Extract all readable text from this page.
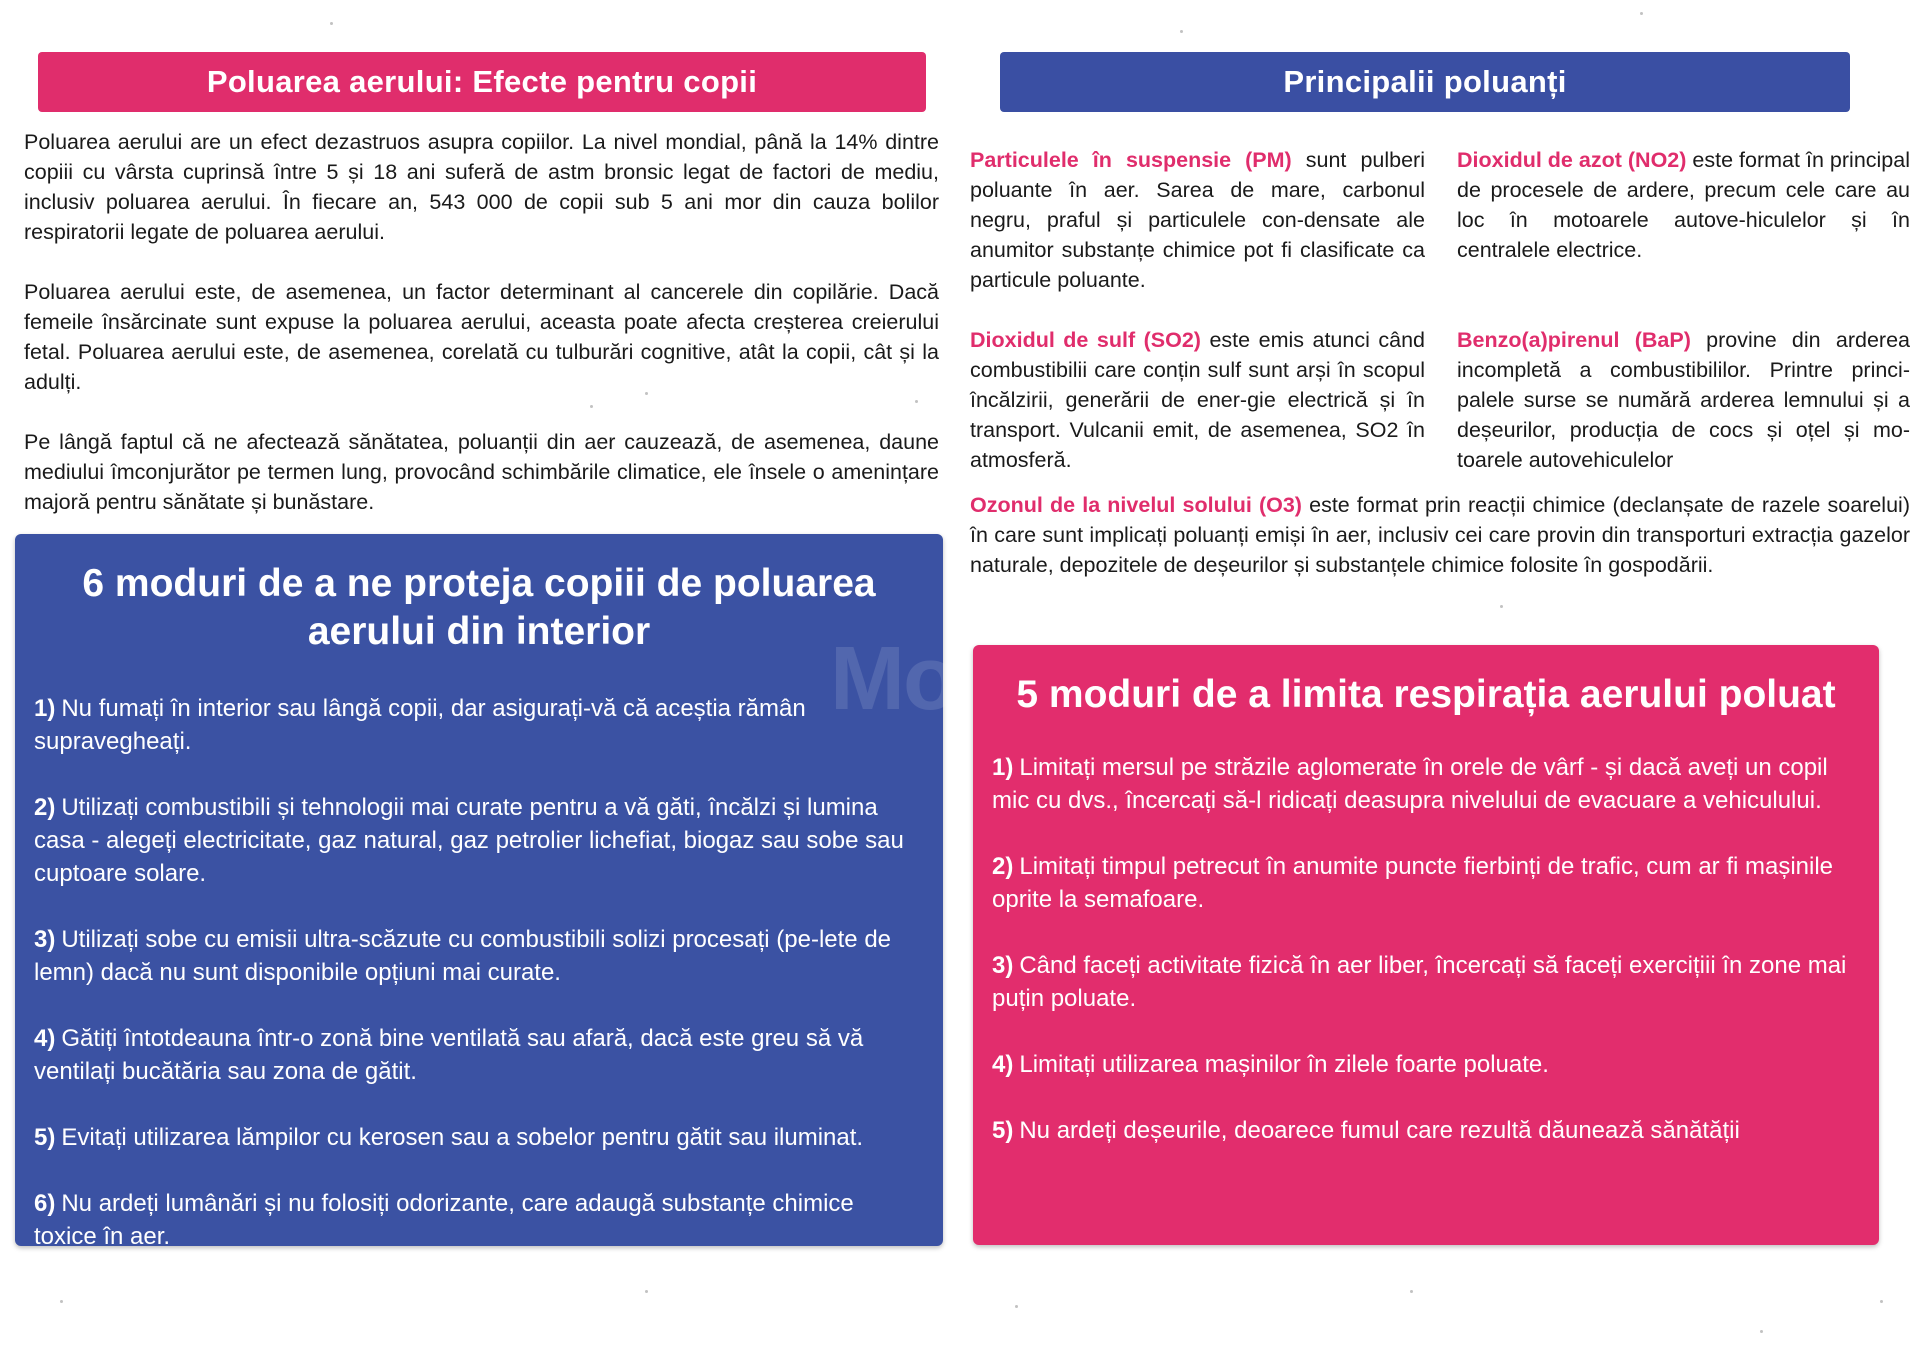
Poluarea aerului: Efecte pentru copii

Poluarea aerului are un efect dezastruos asupra copiilor. La nivel mondial, până la 14% dintre copiii cu vârsta cuprinsă între 5 și 18 ani suferă de astm bronsic legat de factori de mediu, inclusiv poluarea aerului. În fiecare an, 543 000 de copii sub 5 ani mor din cauza bolilor respiratorii legate de poluarea aerului.

Poluarea aerului este, de asemenea, un factor determinant al cancerele din copilărie. Dacă femeile însărcinate sunt expuse la poluarea aerului, aceasta poate afecta creșterea creierului fetal. Poluarea aerului este, de asemenea, corelată cu tulburări cognitive, atât la copii, cât și la adulți.

Pe lângă faptul că ne afectează sănătatea, poluanții din aer cauzează, de asemenea, daune mediului îmconjurător pe termen lung, provocând schimbările climatice, ele însele o amenințare majoră pentru sănătate și bunăstare.

6 moduri de a ne proteja copiii de poluarea aerului din interior
1) Nu fumați în interior sau lângă copii, dar asigurați-vă că aceștia rămân supravegheați.
2) Utilizați combustibili și tehnologii mai curate pentru a vă găti, încălzi și lumina casa - alegeți electricitate, gaz natural, gaz petrolier lichefiat, biogaz sau sobe sau cuptoare solare.
3) Utilizați sobe cu emisii ultra-scăzute cu combustibili solizi procesați (pe-lete de lemn) dacă nu sunt disponibile opțiuni mai curate.
4) Gătiți întotdeauna într-o zonă bine ventilată sau afară, dacă este greu să vă ventilați bucătăria sau zona de gătit.
5) Evitați utilizarea lămpilor cu kerosen sau a sobelor pentru gătit sau iluminat.
6) Nu ardeți lumânări și nu folosiți odorizante, care adaugă substanțe chimice toxice în aer.
Principalii poluanți
Particulele în suspensie (PM) sunt pulberi poluante în aer. Sarea de mare, carbonul negru, praful și particulele con-densate ale anumitor substanțe chimice pot fi clasificate ca particule poluante.
Dioxidul de azot (NO2) este format în principal de procesele de ardere, precum cele care au loc în motoarele autove-hiculelor și în centralele electrice.
Dioxidul de sulf (SO2) este emis atunci când combustibilii care conțin sulf sunt arși în scopul încălzirii, generării de ener-gie electrică și în transport. Vulcanii emit, de asemenea, SO2 în atmosferă.
Benzo(a)pirenul (BaP) provine din arderea incompletă a combustibililor. Printre princi-palele surse se numără arderea lemnului și a deșeurilor, producția de cocs și oțel și mo-toarele autovehiculelor
Ozonul de la nivelul solului (O3) este format prin reacții chimice (declanșate de razele soarelui) în care sunt implicați poluanți emiși în aer, inclusiv cei care provin din transporturi extracția gazelor naturale, depozitele de deșeurilor și substanțele chimice folosite în gospodării.
5 moduri de a limita respirația aerului poluat
1) Limitați mersul pe străzile aglomerate în orele de vârf - și dacă aveți un copil mic cu dvs., încercați să-l ridicați deasupra nivelului de evacuare a vehiculului.
2) Limitați timpul petrecut în anumite puncte fierbinți de trafic, cum ar fi mașinile oprite la semafoare.
3) Când faceți activitate fizică în aer liber, încercați să faceți exercițiii în zone mai puțin poluate.
4) Limitați utilizarea mașinilor în zilele foarte poluate.
5) Nu ardeți deșeurile, deoarece fumul care rezultă dăunează sănătății
